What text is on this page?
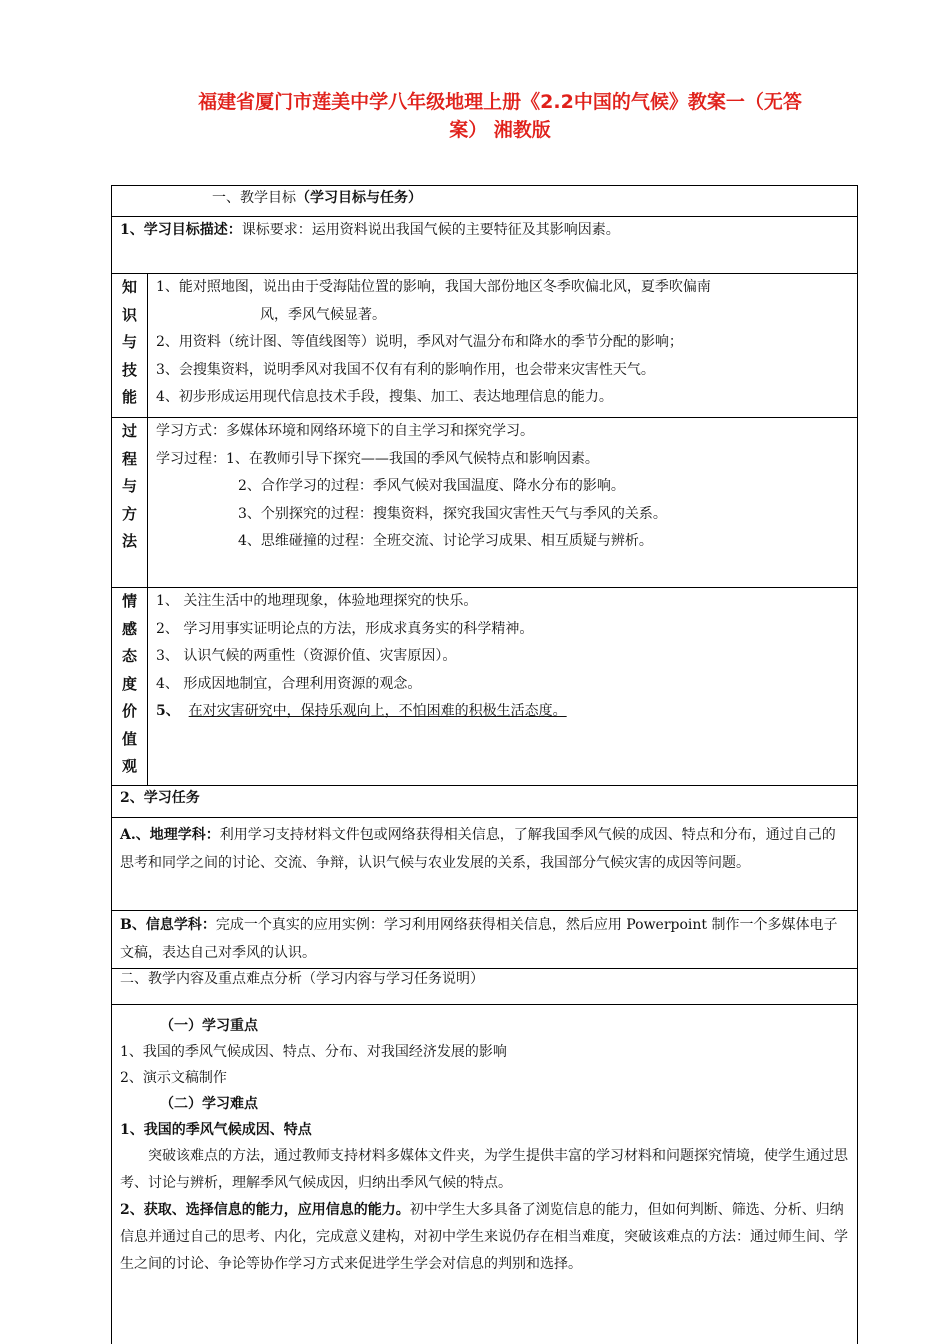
福建省厦门市莲美中学八年级地理上册《2.2中国的气候》教案一（无答
案） 湘教版
一、教学目标（学习目标与任务）
1、学习目标描述：课标要求：运用资料说出我国气候的主要特征及其影响因素。
知
识
与
技
能
1、能对照地图，说出由于受海陆位置的影响，我国大部份地区冬季吹偏北风，夏季吹偏南
风，季风气候显著。
2、用资料（统计图、等值线图等）说明，季风对气温分布和降水的季节分配的影响；
3、会搜集资料，说明季风对我国不仅有有利的影响作用，也会带来灾害性天气。
4、初步形成运用现代信息技术手段，搜集、加工、表达地理信息的能力。
过
程
与
方
法
学习方式：多媒体环境和网络环境下的自主学习和探究学习。
学习过程：1、在教师引导下探究——我国的季风气候特点和影响因素。
2、合作学习的过程：季风气候对我国温度、降水分布的影响。
3、个别探究的过程：搜集资料，探究我国灾害性天气与季风的关系。
4、思维碰撞的过程：全班交流、讨论学习成果、相互质疑与辨析。
情
感
态
度
价
值
观
1、 关注生活中的地理现象，体验地理探究的快乐。
2、 学习用事实证明论点的方法，形成求真务实的科学精神。
3、 认识气候的两重性（资源价值、灾害原因）。
4、 形成因地制宜，合理利用资源的观念。
5、 在对灾害研究中，保持乐观向上，不怕困难的积极生活态度。
2、学习任务
A.、地理学科：利用学习支持材料文件包或网络获得相关信息，了解我国季风气候的成因、特点和分布，通过自己的思考和同学之间的讨论、交流、争辩，认识气候与农业发展的关系，我国部分气候灾害的成因等问题。
B、信息学科：完成一个真实的应用实例：学习利用网络获得相关信息，然后应用 Powerpoint 制作一个多媒体电子文稿，表达自己对季风的认识。
二、教学内容及重点难点分析（学习内容与学习任务说明）
（一）学习重点
1、我国的季风气候成因、特点、分布、对我国经济发展的影响
2、演示文稿制作
（二）学习难点
1、我国的季风气候成因、特点
突破该难点的方法，通过教师支持材料多媒体文件夹，为学生提供丰富的学习材料和问题探究情境，使学生通过思考、讨论与辨析，理解季风气候成因，归纳出季风气候的特点。
2、获取、选择信息的能力，应用信息的能力。初中学生大多具备了浏览信息的能力，但如何判断、筛选、分析、归纳信息并通过自己的思考、内化，完成意义建构，对初中学生来说仍存在相当难度，突破该难点的方法：通过师生间、学生之间的讨论、争论等协作学习方式来促进学生学会对信息的判别和选择。
